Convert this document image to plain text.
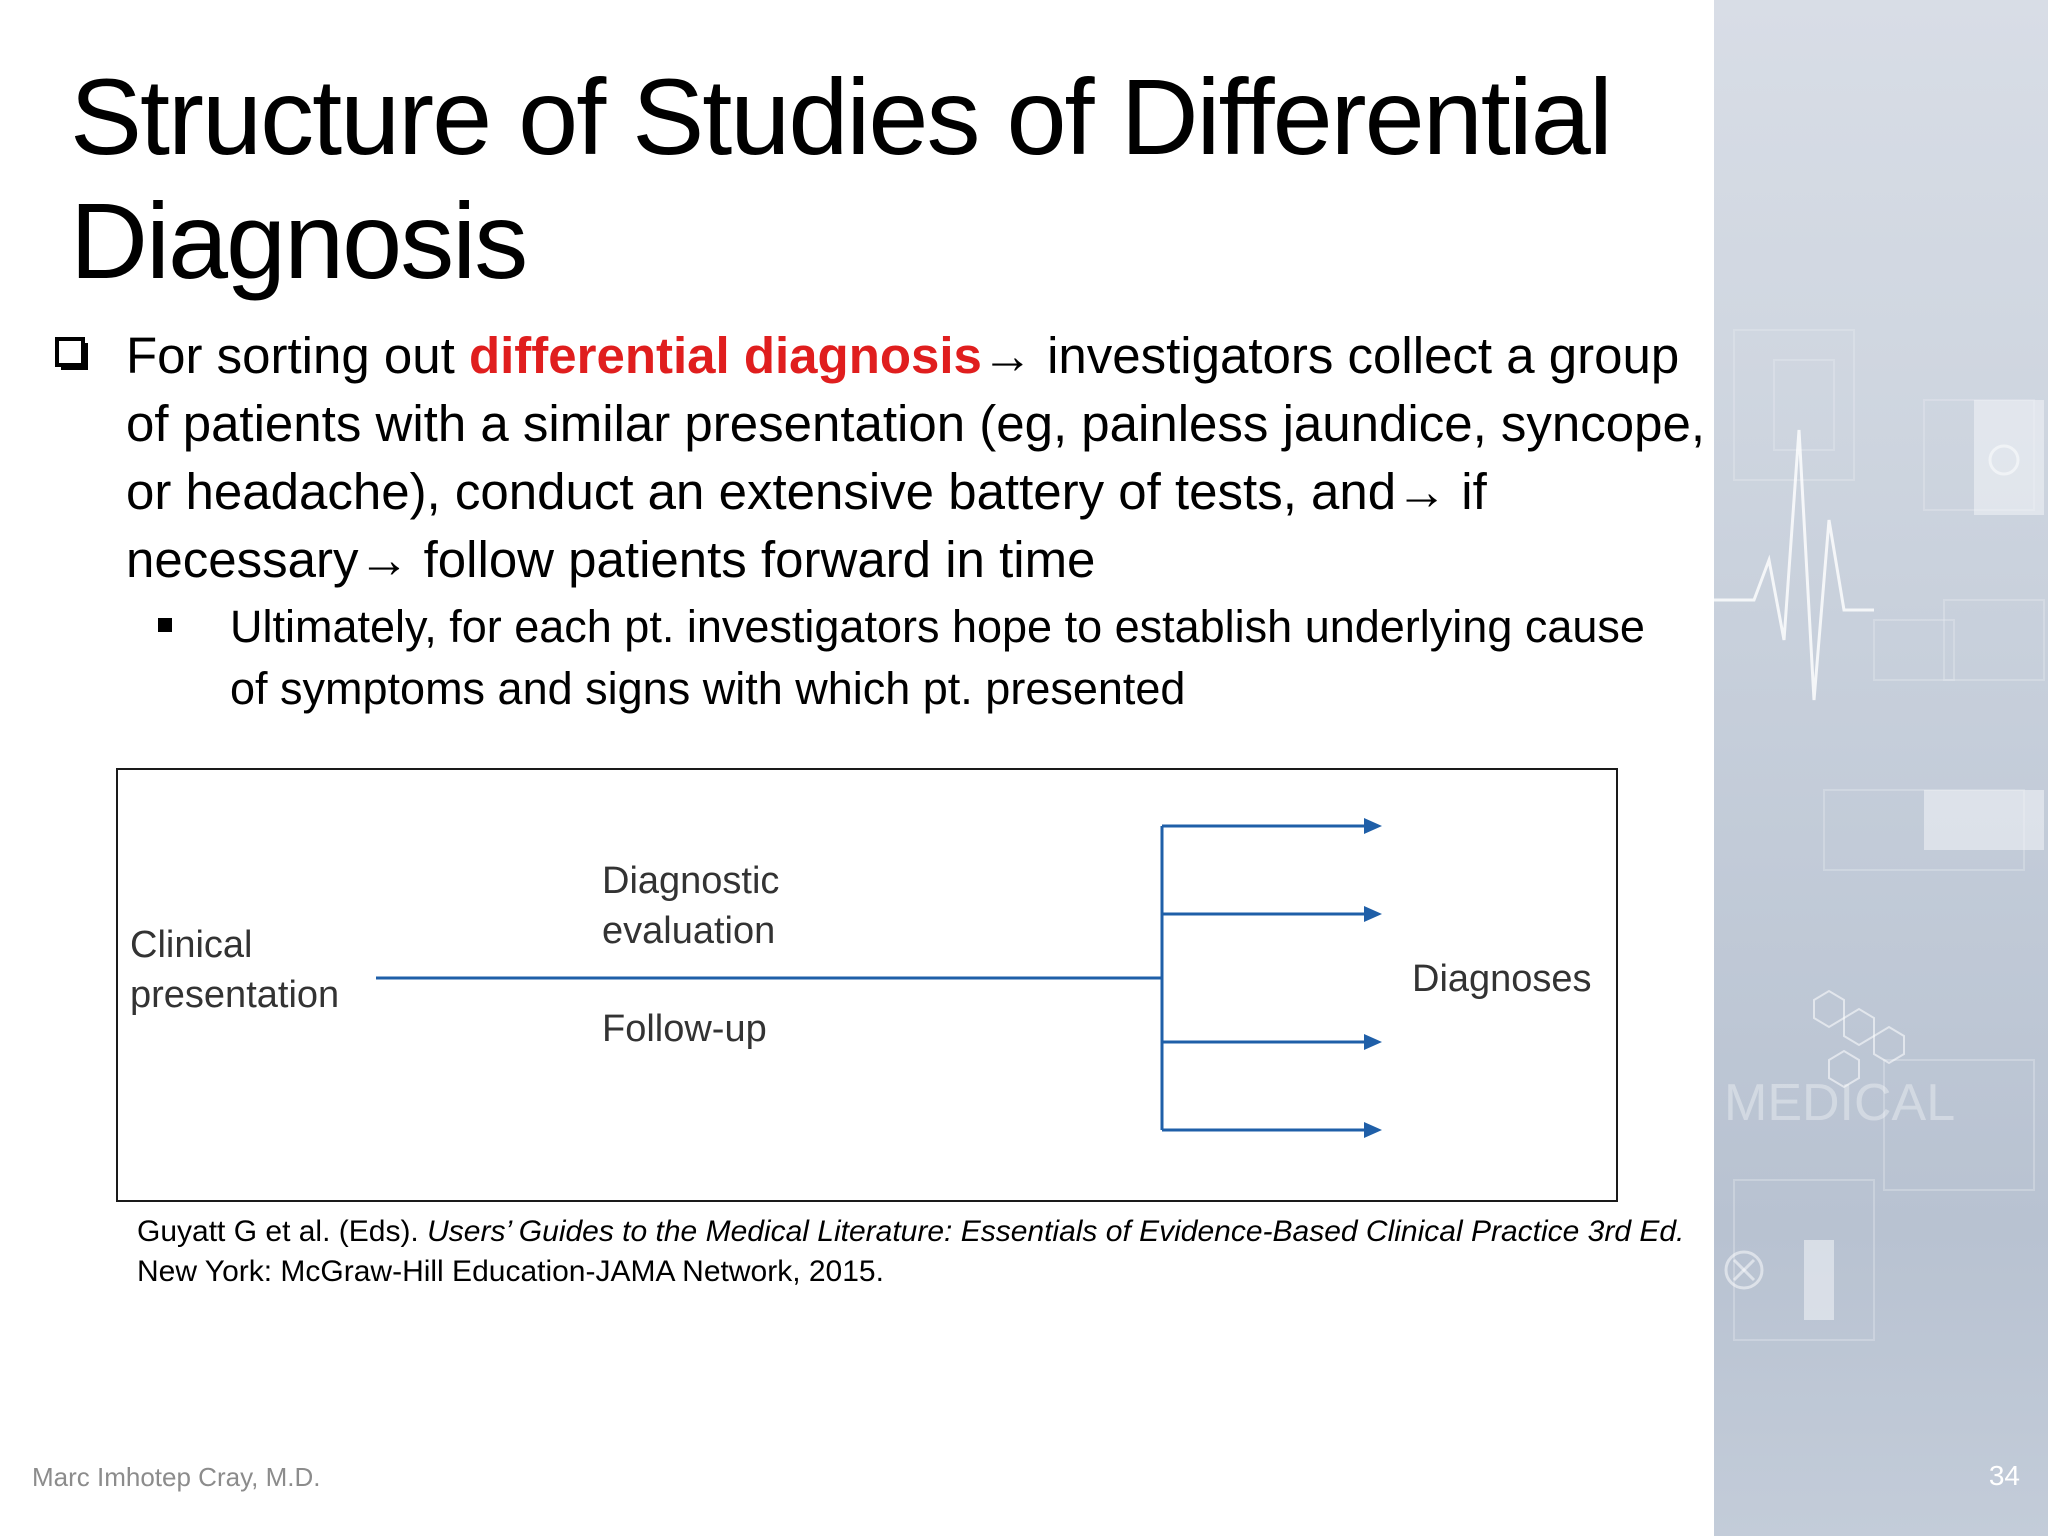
MEDICAL
Structure of Studies of Differential Diagnosis
For sorting out differential diagnosis→ investigators collect a group of patients with a similar presentation (eg, painless jaundice, syncope, or headache), conduct an extensive battery of tests, and→ if necessary→ follow patients forward in time
Ultimately, for each pt. investigators hope to establish underlying cause of symptoms and signs with which pt. presented

Clinical
presentation

Diagnostic
evaluation

Follow-up

Diagnoses

Guyatt G et al. (Eds). Users’ Guides to the Medical Literature: Essentials of Evidence-Based Clinical Practice 3rd Ed. New York: McGraw-Hill Education-JAMA Network, 2015.
Marc Imhotep Cray, M.D.	34
